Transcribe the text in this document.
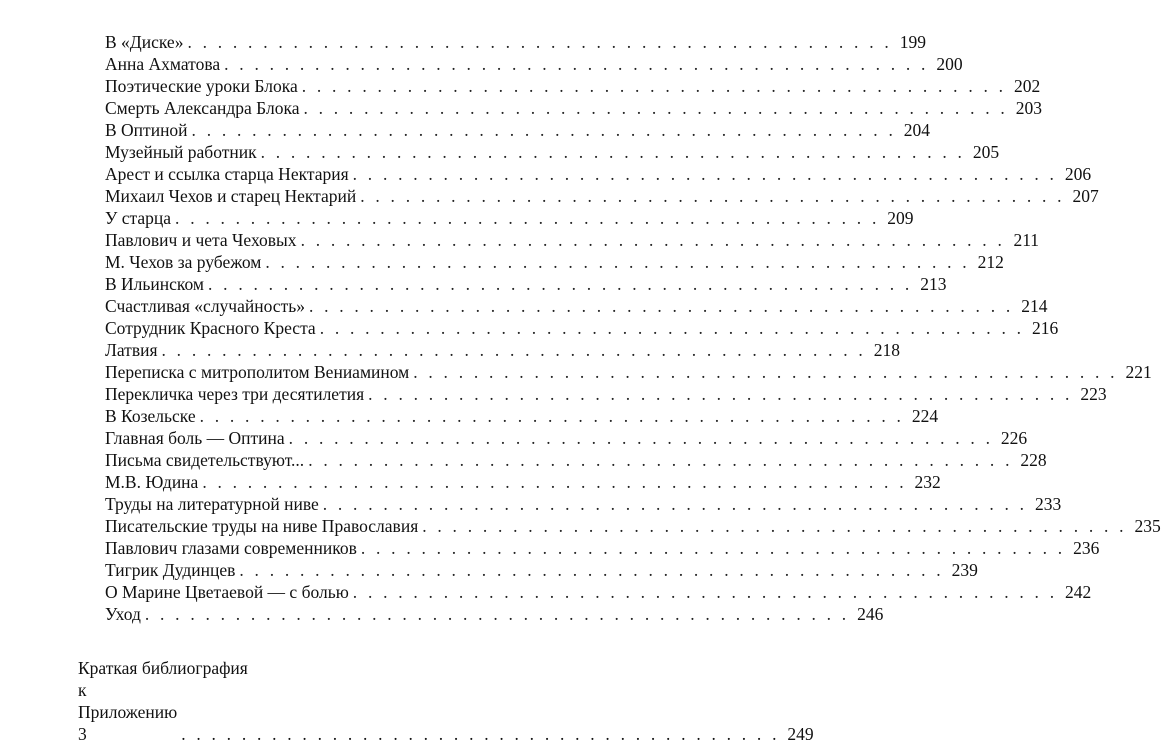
В «Диске» . . . . . . . . . . . . . . . . . . . . . . . . . . . . . . . . . . . . . . . . . . . . . . . 199
Анна Ахматова . . . . . . . . . . . . . . . . . . . . . . . . . . . . . . . . . . . . . . . . . . . . . . . 200
Поэтические уроки Блока . . . . . . . . . . . . . . . . . . . . . . . . . . . . . . . . . . . . . . . . . . . . . . . 202
Смерть Александра Блока . . . . . . . . . . . . . . . . . . . . . . . . . . . . . . . . . . . . . . . . . . . . . . . 203
В Оптиной . . . . . . . . . . . . . . . . . . . . . . . . . . . . . . . . . . . . . . . . . . . . . . . 204
Музейный работник . . . . . . . . . . . . . . . . . . . . . . . . . . . . . . . . . . . . . . . . . . . . . . . 205
Арест и ссылка старца Нектария . . . . . . . . . . . . . . . . . . . . . . . . . . . . . . . . . . . . . . . . . . . . . . . 206
Михаил Чехов и старец Нектарий . . . . . . . . . . . . . . . . . . . . . . . . . . . . . . . . . . . . . . . . . . . . . . . 207
У старца . . . . . . . . . . . . . . . . . . . . . . . . . . . . . . . . . . . . . . . . . . . . . . . 209
Павлович и чета Чеховых . . . . . . . . . . . . . . . . . . . . . . . . . . . . . . . . . . . . . . . . . . . . . . . 211
М. Чехов за рубежом . . . . . . . . . . . . . . . . . . . . . . . . . . . . . . . . . . . . . . . . . . . . . . . 212
В Ильинском . . . . . . . . . . . . . . . . . . . . . . . . . . . . . . . . . . . . . . . . . . . . . . . 213
Счастливая «случайность» . . . . . . . . . . . . . . . . . . . . . . . . . . . . . . . . . . . . . . . . . . . . . . . 214
Сотрудник Красного Креста . . . . . . . . . . . . . . . . . . . . . . . . . . . . . . . . . . . . . . . . . . . . . . . 216
Латвия . . . . . . . . . . . . . . . . . . . . . . . . . . . . . . . . . . . . . . . . . . . . . . . 218
Переписка с митрополитом Вениамином . . . . . . . . . . . . . . . . . . . . . . . . . . . . . . . . . . . . . . . . . . . . . . . 221
Перекличка через три десятилетия . . . . . . . . . . . . . . . . . . . . . . . . . . . . . . . . . . . . . . . . . . . . . . . 223
В Козельске . . . . . . . . . . . . . . . . . . . . . . . . . . . . . . . . . . . . . . . . . . . . . . . 224
Главная боль — Оптина . . . . . . . . . . . . . . . . . . . . . . . . . . . . . . . . . . . . . . . . . . . . . . . 226
Письма свидетельствуют... . . . . . . . . . . . . . . . . . . . . . . . . . . . . . . . . . . . . . . . . . . . . . . . 228
М.В. Юдина . . . . . . . . . . . . . . . . . . . . . . . . . . . . . . . . . . . . . . . . . . . . . . . 232
Труды на литературной ниве . . . . . . . . . . . . . . . . . . . . . . . . . . . . . . . . . . . . . . . . . . . . . . . 233
Писательские труды на ниве Православия . . . . . . . . . . . . . . . . . . . . . . . . . . . . . . . . . . . . . . . . . . . . . . . 235
Павлович глазами современников . . . . . . . . . . . . . . . . . . . . . . . . . . . . . . . . . . . . . . . . . . . . . . . 236
Тигрик Дудинцев . . . . . . . . . . . . . . . . . . . . . . . . . . . . . . . . . . . . . . . . . . . . . . . 239
О Марине Цветаевой — с болью . . . . . . . . . . . . . . . . . . . . . . . . . . . . . . . . . . . . . . . . . . . . . . . 242
Уход . . . . . . . . . . . . . . . . . . . . . . . . . . . . . . . . . . . . . . . . . . . . . . . 246
Краткая библиография
к Приложению 3	. . . . . . . . . . . . . . . . . . . . . . . . . . . . . . . . . . . . . . . . 249
